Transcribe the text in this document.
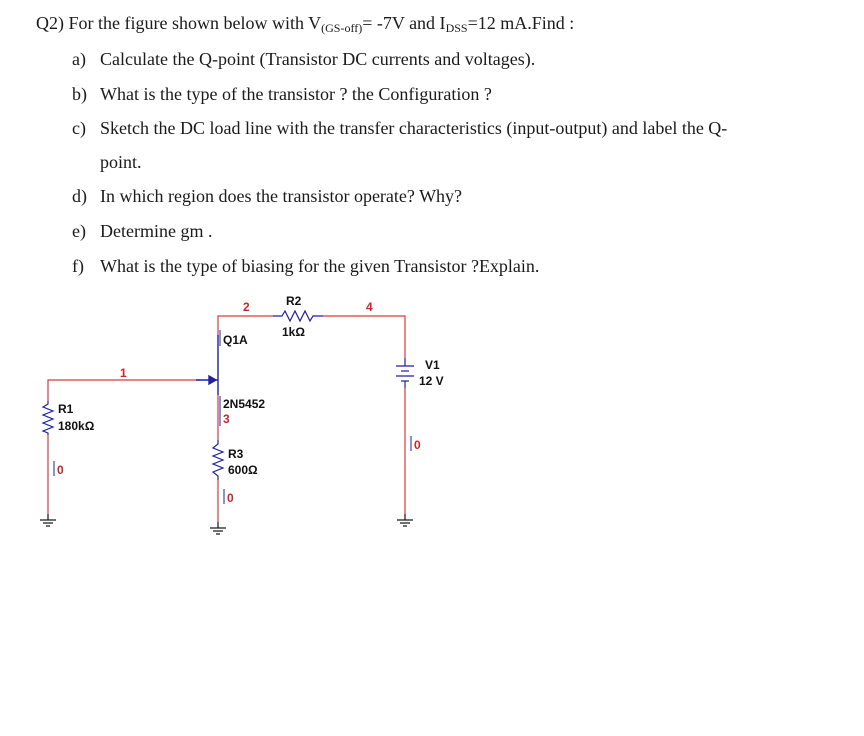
Q2) For the figure shown below with $V_{(GS-off)}= -7V$ and $I_{DSS}=12$ mA.Find :
a) Calculate the Q-point (Transistor DC currents and voltages).
b) What is the type of the transistor ? the Configuration ?
c) Sketch the DC load line with the transfer characteristics (input-output) and label the Q-
point.
d) In which region does the transistor operate? Why?
e) Determine gm .
f) What is the type of biasing for the given Transistor ?Explain.
2	4
1
3
0
0
0
R2
1kΩ
Q1A
2N5452
V1
12 V
R1
180kΩ
R3
600Ω
